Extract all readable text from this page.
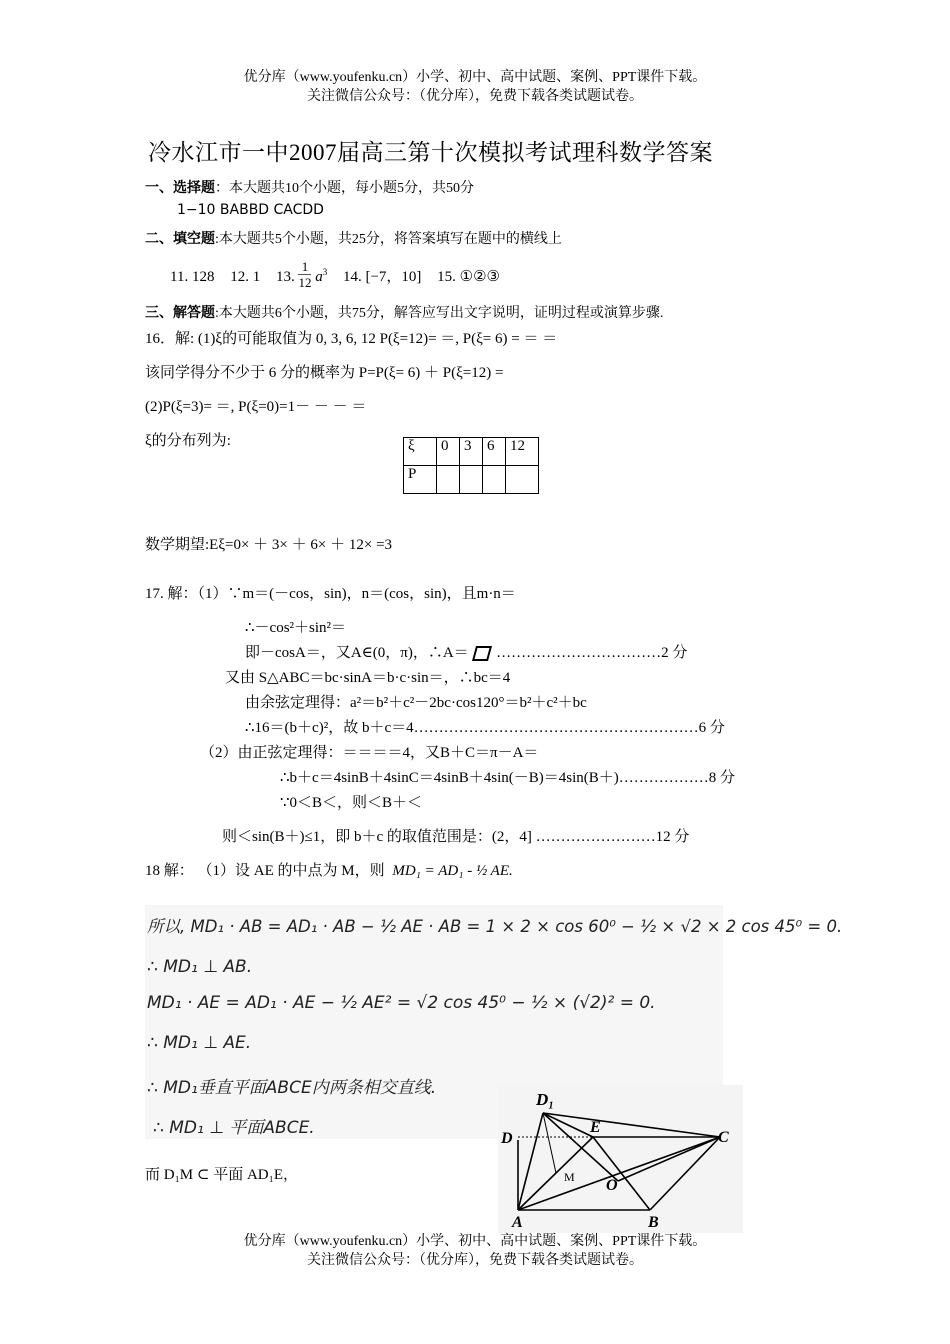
优分库（www.youfenku.cn）小学、初中、高中试题、案例、PPT课件下载。
关注微信公众号：（优分库），免费下载各类试题试卷。
冷水江市一中2007届高三第十次模拟考试理科数学答案
一、选择题：本大题共10个小题，每小题5分，共50分
1−10 BABBD CACDD
二、填空题:本大题共5个小题，共25分，将答案填写在题中的横线上
11. 128 12. 1 13. $\frac{1}{12} a^3$ 14. [−7，10] 15. ①②③
三、解答题:本大题共6个小题，共75分，解答应写出文字说明，证明过程或演算步骤.
16．解: (1)ξ的可能取值为 0, 3, 6, 12 P(ξ=12)= ＝, P(ξ= 6) = ＝ ＝
该同学得分不少于 6 分的概率为 P=P(ξ= 6) ＋ P(ξ=12) =
(2)P(ξ=3)= ＝, P(ξ=0)=1－ － － ＝
ξ的分布列为:	ξ	0	3	6	12
P				
数学期望:Eξ=0× ＋ 3× ＋ 6× ＋ 12× =3
17. 解：（1）∵m＝(－cos，sin)，n＝(cos，sin)，且m·n＝
∴－cos²＋sin²＝
即－cosA＝，又A∈(0，π)，∴A＝ ……………………………2 分
又由 S△ABC＝bc·sinA＝b·c·sin＝，∴bc＝4
由余弦定理得：a²＝b²＋c²－2bc·cos120°＝b²＋c²＋bc
∴16＝(b＋c)²，故 b＋c＝4…………………………………………………6 分
（2）由正弦定理得：＝＝＝＝4，又B＋C＝π－A＝
∴b＋c＝4sinB＋4sinC＝4sinB＋4sin(－B)＝4sin(B＋)………………8 分
∵0＜B＜，则＜B＋＜
则＜sin(B＋)≤1，即 b＋c 的取值范围是：(2，4] ……………………12 分
18 解： （1）设 AE 的中点为 M，则 MD₁ = AD₁ - ½ AE.
所以, MD₁ · AB = AD₁ · AB − ½ AE · AB = 1 × 2 × cos 60⁰ − ½ × √2 × 2 cos 45⁰ = 0.
∴ MD₁ ⊥ AB.
MD₁ · AE = AD₁ · AE − ½ AE² = √2 cos 45⁰ − ½ × (√2)² = 0.
∴ MD₁ ⊥ AE.
∴ MD₁垂直平面ABCE内两条相交直线.
∴ MD₁ ⊥ 平面ABCE.
而 D₁M ⊂ 平面 AD₁E，
D₁
E
C
D
M O
A	B
优分库（www.youfenku.cn）小学、初中、高中试题、案例、PPT课件下载。
关注微信公众号：（优分库），免费下载各类试题试卷。
